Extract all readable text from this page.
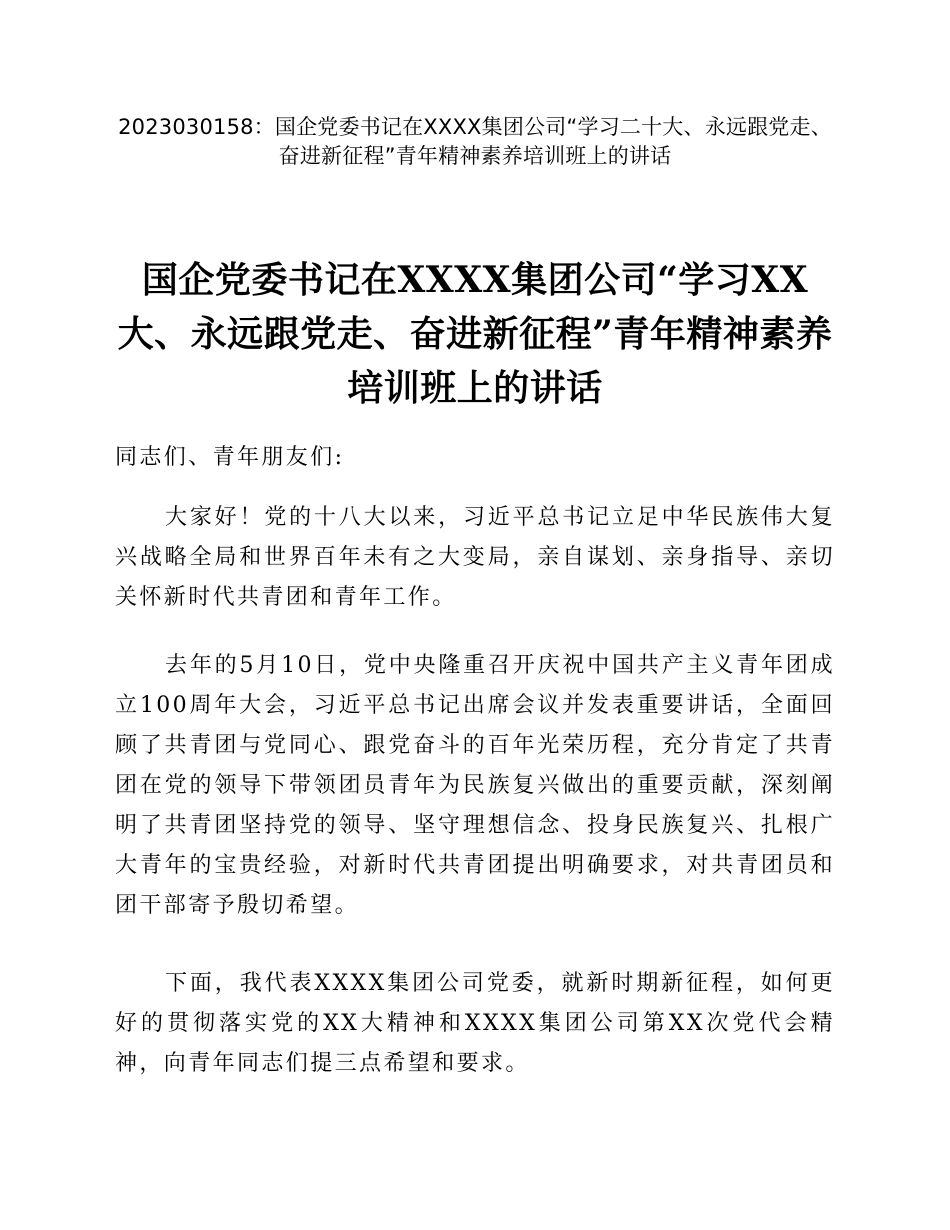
2023030158：国企党委书记在XXXX集团公司“学习二十大、永远跟党走、奋进新征程”青年精神素养培训班上的讲话
国企党委书记在XXXX集团公司“学习XX大、永远跟党走、奋进新征程”青年精神素养培训班上的讲话
同志们、青年朋友们:

大家好！党的十八大以来，习近平总书记立足中华民族伟大复兴战略全局和世界百年未有之大变局，亲自谋划、亲身指导、亲切关怀新时代共青团和青年工作。

去年的5月10日，党中央隆重召开庆祝中国共产主义青年团成立100周年大会，习近平总书记出席会议并发表重要讲话，全面回顾了共青团与党同心、跟党奋斗的百年光荣历程，充分肯定了共青团在党的领导下带领团员青年为民族复兴做出的重要贡献，深刻阐明了共青团坚持党的领导、坚守理想信念、投身民族复兴、扎根广大青年的宝贵经验，对新时代共青团提出明确要求，对共青团员和团干部寄予殷切希望。

下面，我代表XXXX集团公司党委，就新时期新征程，如何更好的贯彻落实党的XX大精神和XXXX集团公司第XX次党代会精神，向青年同志们提三点希望和要求。
